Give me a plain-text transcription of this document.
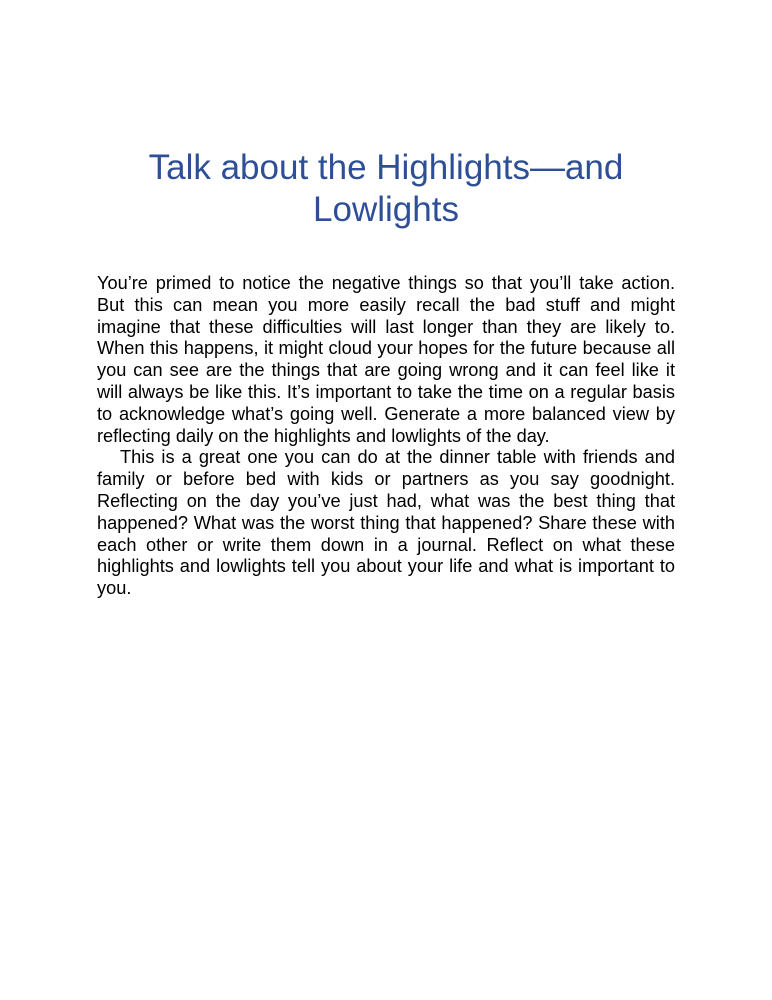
Talk about the Highlights—and Lowlights

You’re primed to notice the negative things so that you’ll take action. But this can mean you more easily recall the bad stuff and might imagine that these difficulties will last longer than they are likely to. When this happens, it might cloud your hopes for the future because all you can see are the things that are going wrong and it can feel like it will always be like this. It’s important to take the time on a regular basis to acknowledge what’s going well. Generate a more balanced view by reflecting daily on the highlights and lowlights of the day.

This is a great one you can do at the dinner table with friends and family or before bed with kids or partners as you say goodnight. Reflecting on the day you’ve just had, what was the best thing that happened? What was the worst thing that happened? Share these with each other or write them down in a journal. Reflect on what these highlights and lowlights tell you about your life and what is important to you.
